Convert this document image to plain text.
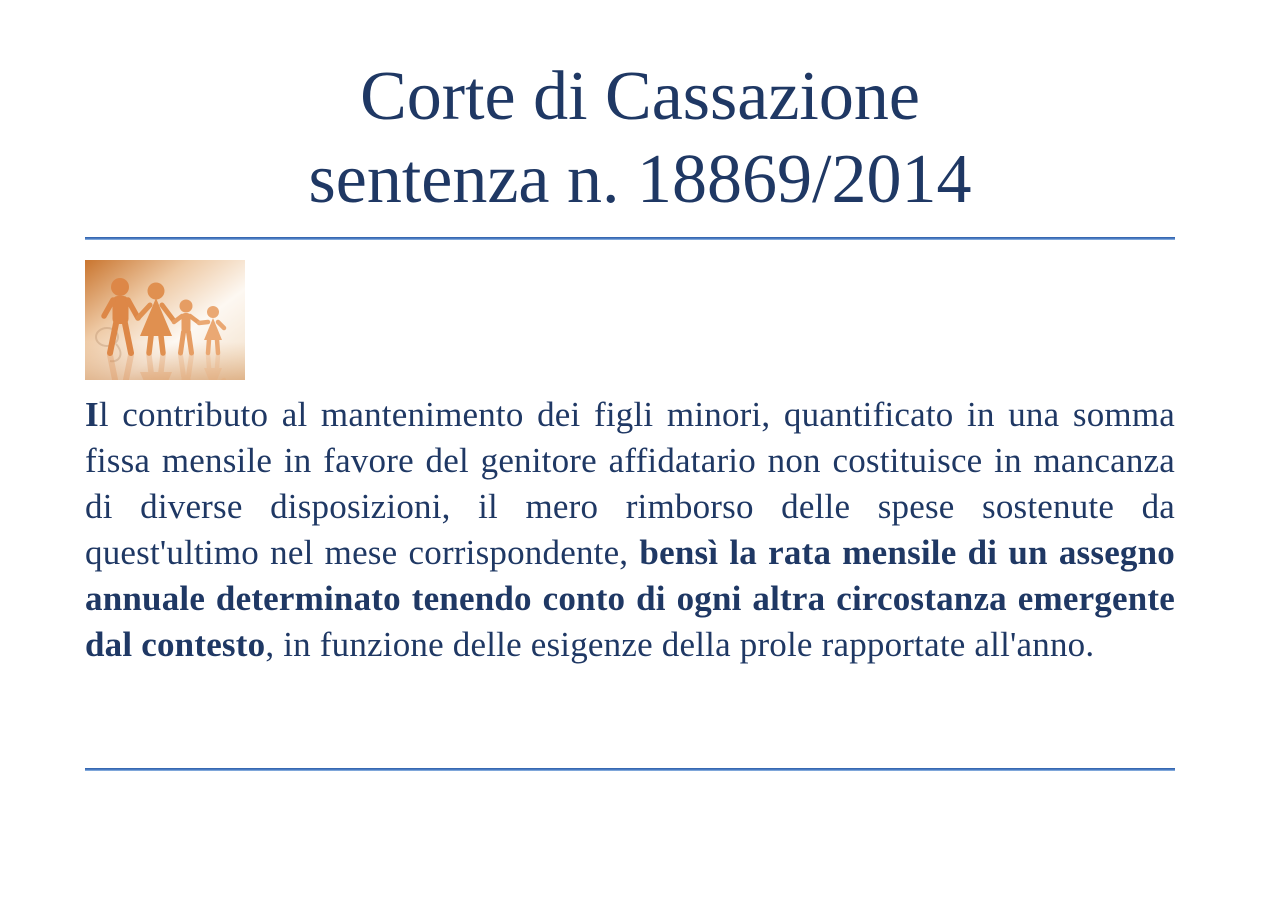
Corte di Cassazione
sentenza n. 18869/2014

Il contributo al mantenimento dei figli minori, quantificato in una somma fissa mensile in favore del genitore affidatario non costituisce in mancanza di diverse disposizioni, il mero rimborso delle spese sostenute da quest'ultimo nel mese corrispondente, bensì la rata mensile di un assegno annuale determinato tenendo conto di ogni altra circostanza emergente dal contesto, in funzione delle esigenze della prole rapportate all'anno.
